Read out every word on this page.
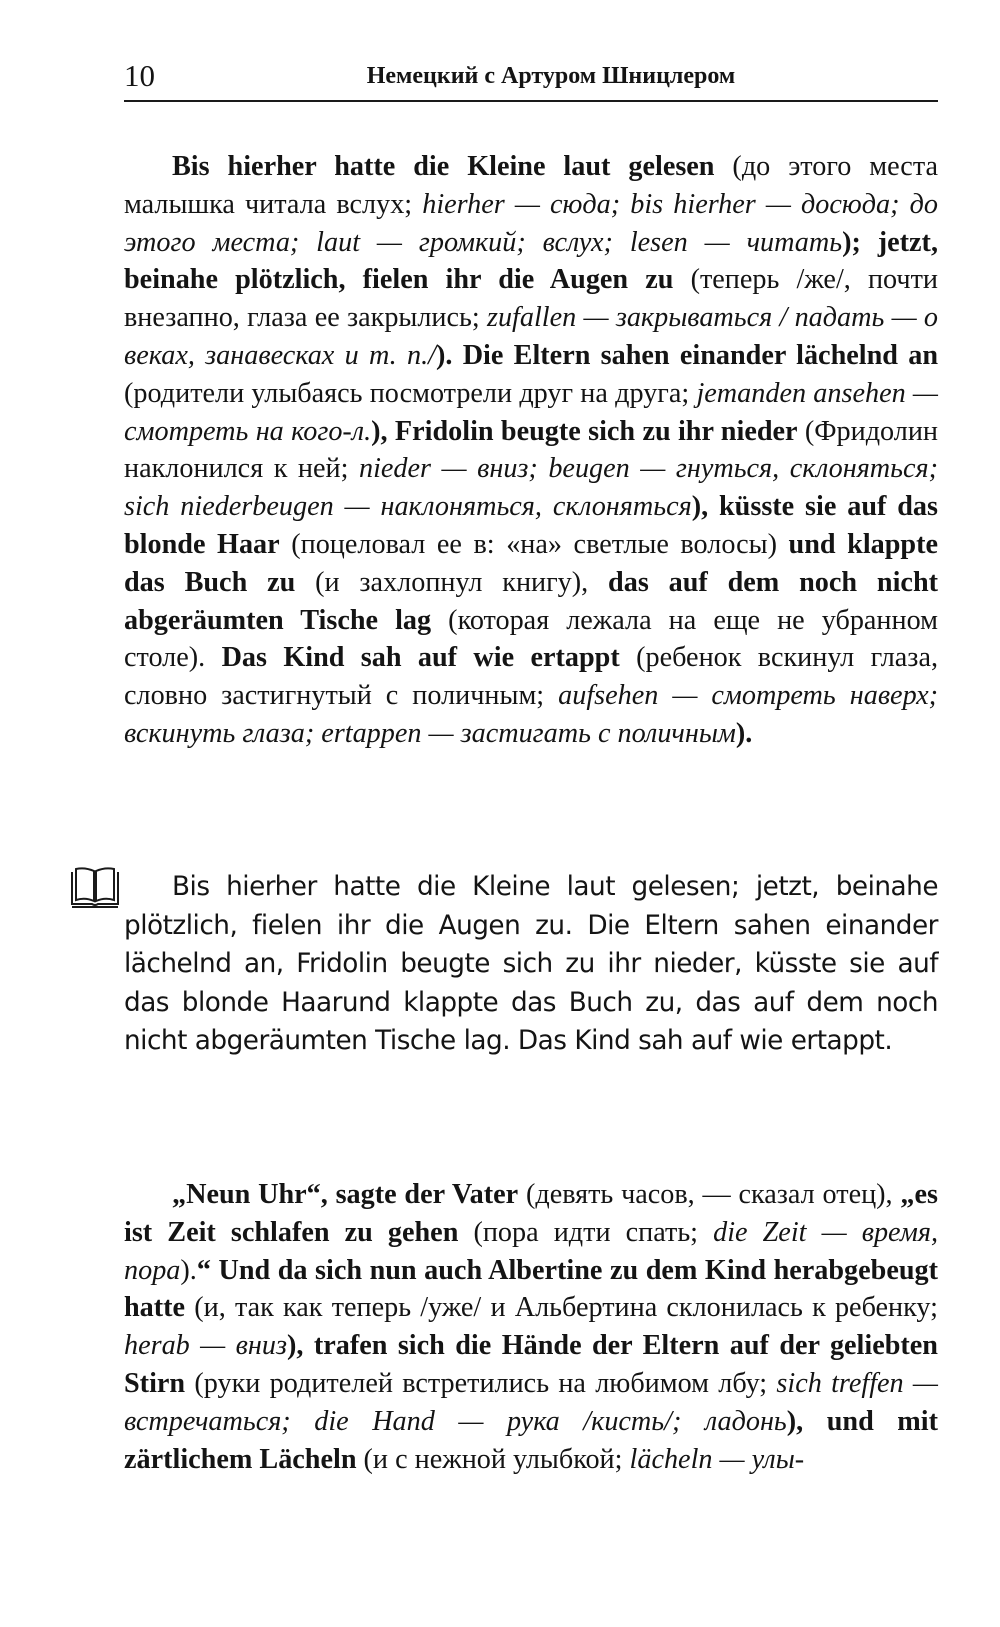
10	Немецкий с Артуром Шницлером

Bis hierher hatte die Kleine laut gelesen (до этого места малышка читала вслух; hierher — сюда; bis hierher — досюда; до этого места; laut — громкий; вслух; lesen — читать); jetzt, beinahe plötzlich, fielen ihr die Augen zu (теперь /же/, почти внезапно, глаза ее закрылись; zufallen — закрываться / падать — о веках, занавесках и т. п./). Die Eltern sahen einander lächelnd an (родители улыбаясь посмотрели друг на друга; jemanden ansehen — смотреть на кого-л.), Fridolin beugte sich zu ihr nieder (Фридолин наклонился к ней; nieder — вниз; beugen — гнуться, склоняться; sich niederbeugen — наклоняться, склоняться), küsste sie auf das blonde Haar (поцеловал ее в: «на» светлые волосы) und klappte das Buch zu (и захлопнул книгу), das auf dem noch nicht abgeräumten Tische lag (которая лежала на еще не убранном столе). Das Kind sah auf wie ertappt (ребенок вскинул глаза, словно застигнутый с поличным; aufsehen — смотреть наверх; вскинуть глаза; ertappen — застигать с поличным).

Bis hierher hatte die Kleine laut gelesen; jetzt, beinahe plötzlich, fielen ihr die Augen zu. Die Eltern sahen einander lächelnd an, Fridolin beugte sich zu ihr nieder, küsste sie auf das blonde Haarund klappte das Buch zu, das auf dem noch nicht abgeräumten Tische lag. Das Kind sah auf wie ertappt.

„Neun Uhr“, sagte der Vater (девять часов, — сказал отец), „es ist Zeit schlafen zu gehen (пора идти спать; die Zeit — время, пора).“ Und da sich nun auch Albertine zu dem Kind herabgebeugt hatte (и, так как теперь /уже/ и Альбертина склонилась к ребенку; herab — вниз), trafen sich die Hände der Eltern auf der geliebten Stirn (руки родителей встретились на любимом лбу; sich treffen — встречаться; die Hand — рука /кисть/; ладонь), und mit zärtlichem Lächeln (и с нежной улыбкой; lächeln — улы-
